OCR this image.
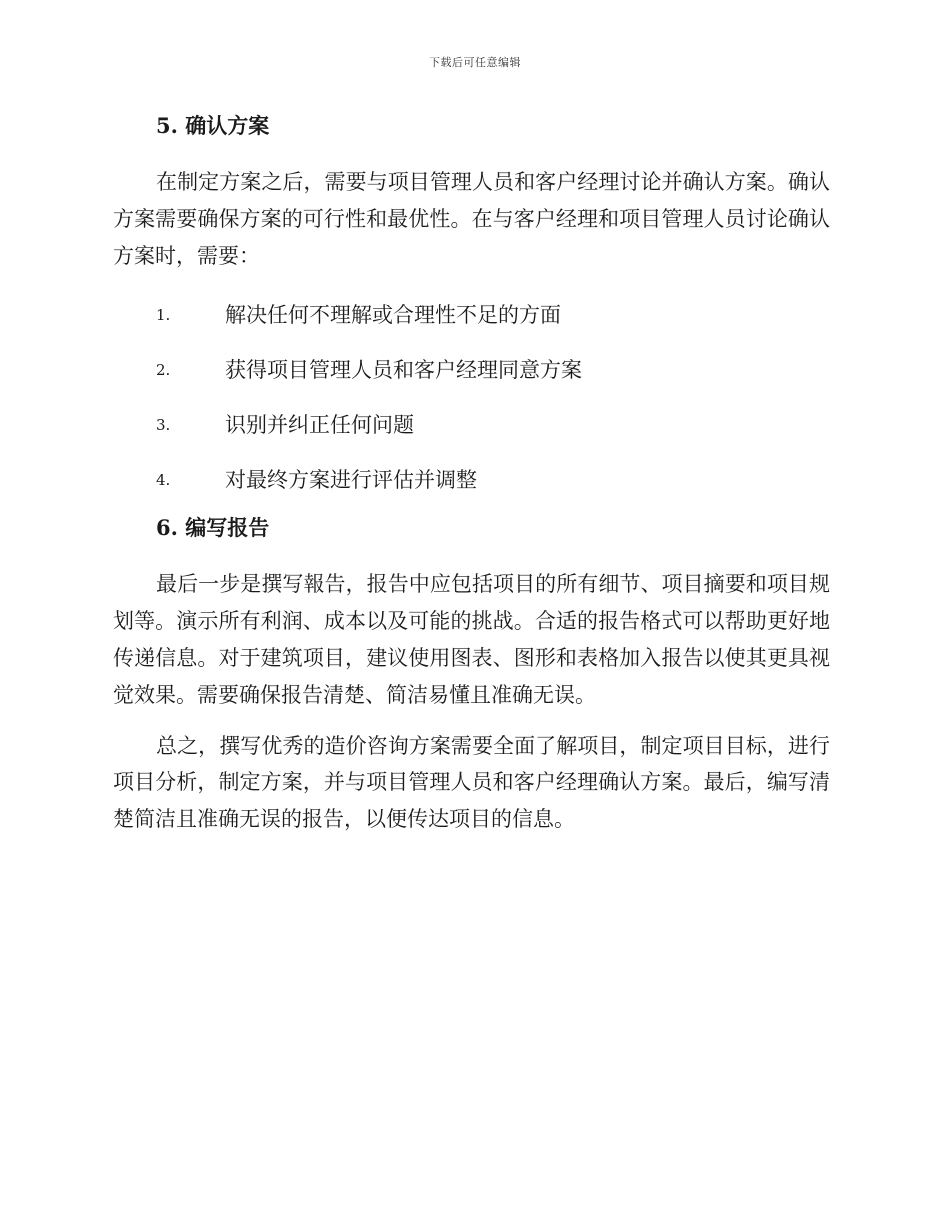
下载后可任意编辑
5. 确认方案

在制定方案之后，需要与项目管理人员和客户经理讨论并确认方案。确认方案需要确保方案的可行性和最优性。在与客户经理和项目管理人员讨论确认方案时，需要：

1.	解决任何不理解或合理性不足的方面
2.	获得项目管理人员和客户经理同意方案
3.	识别并纠正任何问题
4.	对最终方案进行评估并调整
6. 编写报告

最后一步是撰写報告，报告中应包括项目的所有细节、项目摘要和项目规划等。演示所有利润、成本以及可能的挑战。合适的报告格式可以帮助更好地传递信息。对于建筑项目，建议使用图表、图形和表格加入报告以使其更具视觉效果。需要确保报告清楚、简洁易懂且准确无误。

总之，撰写优秀的造价咨询方案需要全面了解项目，制定项目目标，进行项目分析，制定方案，并与项目管理人员和客户经理确认方案。最后，编写清楚简洁且准确无误的报告，以便传达项目的信息。
